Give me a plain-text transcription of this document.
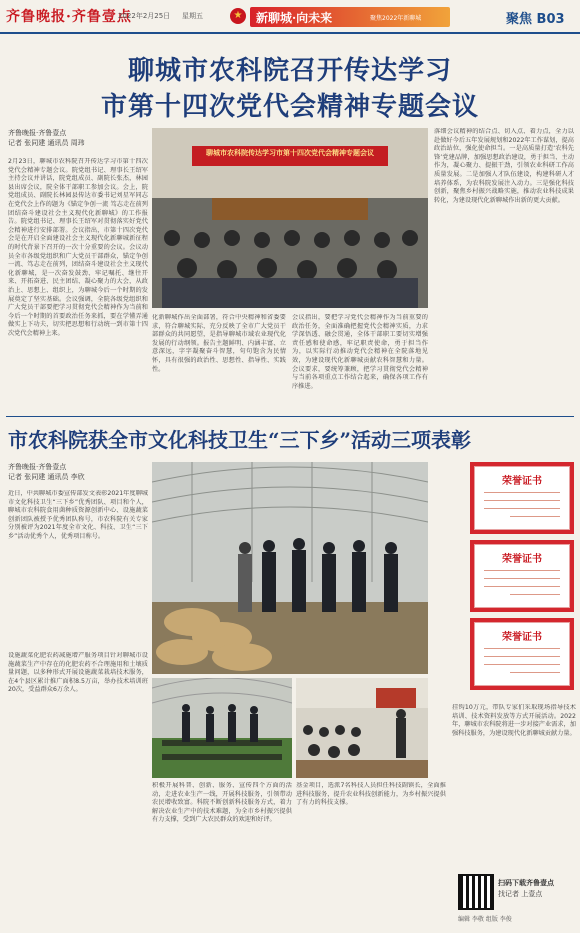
齐鲁晚报·齐鲁壹点
2022年2月25日 星期五	★ 新聊城·向未来	聚焦2022年新聊城	聚焦 B03
聊城市农科院召开传达学习
市第十四次党代会精神专题会议
齐鲁晚报·齐鲁壹点
记者 张同建 通讯员 周玮
2月23日，聊城市农科院召开传达学习市第十四次党代会精神专题会议。院党组书记、理事长王绍军主持会议并讲话，院党组成员、副院长张杰，林园县出席会议，院全体干部职工参加会议。会上，院党组成员、副院长林园县传达市委书记刘星军同志在党代会上作的题为《锚定争创一流 笃志走在前列 团结奋斗建设社会主义现代化新聊城》的工作报告。院党组书记、理事长王绍军对贯彻落实好党代会精神进行安排部署。会议指出，市第十四次党代会是在开启全面建设社会主义现代化新聊城新征程的时代背景下召开的一次十分重要的会议。会议动员全市各级党组织和广大党员干部群众，锚定争创一流、笃志走在前列，团结奋斗建设社会主义现代化新聊城，是一次奋发鼓劲、牢记嘱托、继往开来、开拓奋进、民主团结、凝心聚力的大会，从政治上、思想上、组织上，为聊城今后一个时期的发展奠定了坚实基础。会议强调，全院各级党组织和广大党员干部要把学习贯彻党代会精神作为当前和今后一个时期的首要政治任务来抓，要在学懂弄通做实上下功夫，切实把思想和行动统一到市第十四次党代会精神上来。
聊城市农科院传达学习市第十四次党代会精神专题会议
化新聊城作出全面部署，符合中央精神和省委要求，符合聊城实际，充分反映了全市广大党员干部群众的共同愿望，是指导聊城市域农业现代化发展的行动纲领。报告主题鲜明、内涵丰富、立意深远，字字凝聚奋斗智慧，句句饱含为民情怀，具有很强的政治性、思想性、指导性、实践性。
会议指出，要把学习党代会精神作为当前重要的政治任务，全面准确把握党代会精神实质，力求学深悟透、融会贯通，全体干部职工要切实增强责任感和使命感，牢记职责使命，勇于担当作为，以实际行动推动党代会精神在全院落地见效，为建设现代化新聊城贡献农科智慧和力量。会议要求，要统筹兼顾，把学习贯彻党代会精神与当前各项重点工作结合起来，确保各项工作有序推进。
落细会议精神的结合点、切入点、着力点，全力以赴做好今后五年发展规划和2022年工作谋划，提高政治站位，强化使命担当。一是高质量打造‘农科先锋’党建品牌，加强思想政治建设，勇于担当、主动作为，凝心聚力、提振干劲，引领农业科研工作高质量发展。二是加强人才队伍建设，构建科研人才培养体系，为农科院发展注入动力。三是强化科技创新，聚焦乡村振兴战略实施，推动农业科技成果转化，为建设现代化新聊城作出新的更大贡献。
市农科院获全市文化科技卫生“三下乡”活动三项表彰
齐鲁晚报·齐鲁壹点
记者 张同建 通讯员 李欣
近日，中共聊城市委宣传部发文表彰2021年度聊城市文化科技卫生“三下乡”优秀团队、项目和个人，聊城市农科院食用菌种质资源创新中心、设施蔬菜创新团队被授予优秀团队称号，市农科院有关专家分别被评为2021年度全市文化、科技、卫生“三下乡”活动优秀个人，优秀项目称号。
设施蔬菜化肥农药减施增产服务项目针对聊城市设施蔬菜生产中存在的化肥农药不合理施用和土壤质量问题，以多种形式开展设施蔬菜栽培技术服务，在4个县区累计推广面积8.5万亩，举办技术培训班20次，受益群众6万余人。
积极开展科普、创新、服务、宣传四个方面的活动，走进农业生产一线，开展科技服务，引领带动农民增收致富。科院不断创新科技服务方式，着力解决农业生产中的技术难题，为全市乡村振兴提供有力支撑，受到广大农民群众的欢迎和好评。
基金项目，选派7名科技人员担任科技副镇长，全面推进科技服务，提升农业科技创新能力，为乡村振兴提供了有力的科技支撑。
荣誉证书
荣誉证书
荣誉证书
挂钩10万元，带队专家们采取现场指导技术培训、技术资料发放等方式开展活动。2022年，聊城市农科院将进一步对接产业需求，加强科技服务，为建设现代化新聊城贡献力量。
扫码下载齐鲁壹点
找记者 上壹点
编辑 李敬 组版 李俊
